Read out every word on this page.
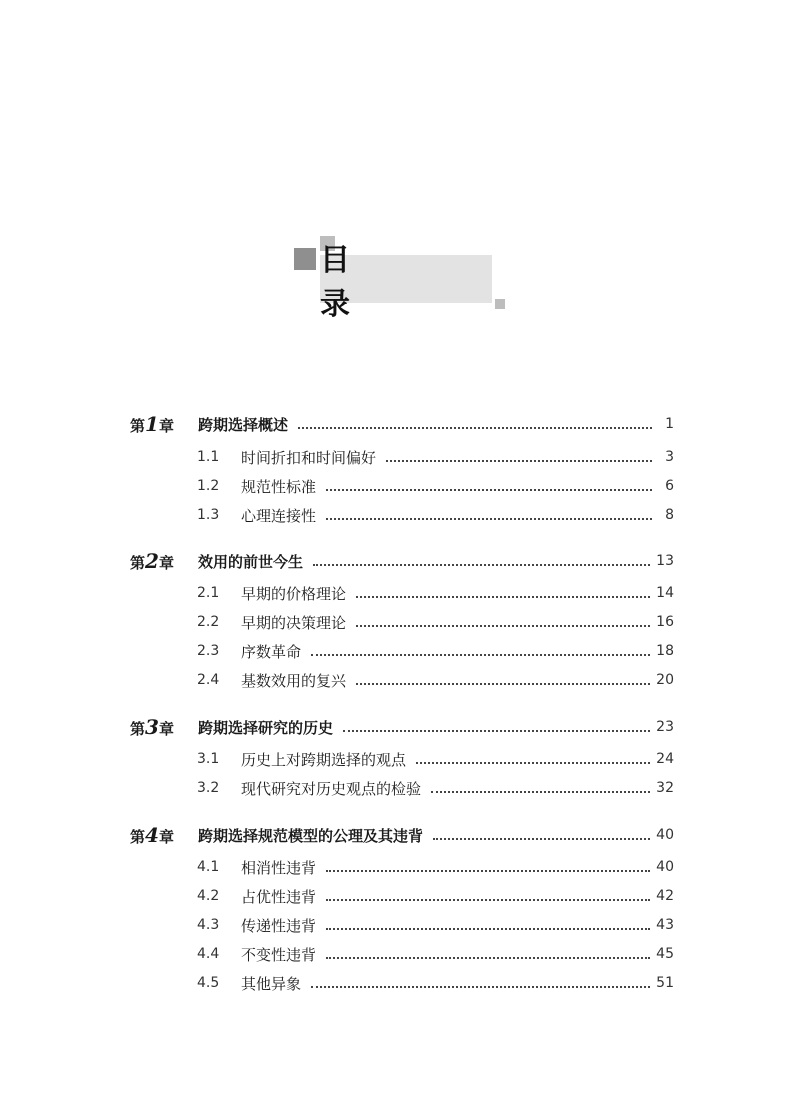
目 录
第1章	跨期选择概述	1
1.1	时间折扣和时间偏好	3
1.2	规范性标准	6
1.3	心理连接性	8
第2章	效用的前世今生	13
2.1	早期的价格理论	14
2.2	早期的决策理论	16
2.3	序数革命	18
2.4	基数效用的复兴	20
第3章	跨期选择研究的历史	23
3.1	历史上对跨期选择的观点	24
3.2	现代研究对历史观点的检验	32
第4章	跨期选择规范模型的公理及其违背	40
4.1	相消性违背	40
4.2	占优性违背	42
4.3	传递性违背	43
4.4	不变性违背	45
4.5	其他异象	51
